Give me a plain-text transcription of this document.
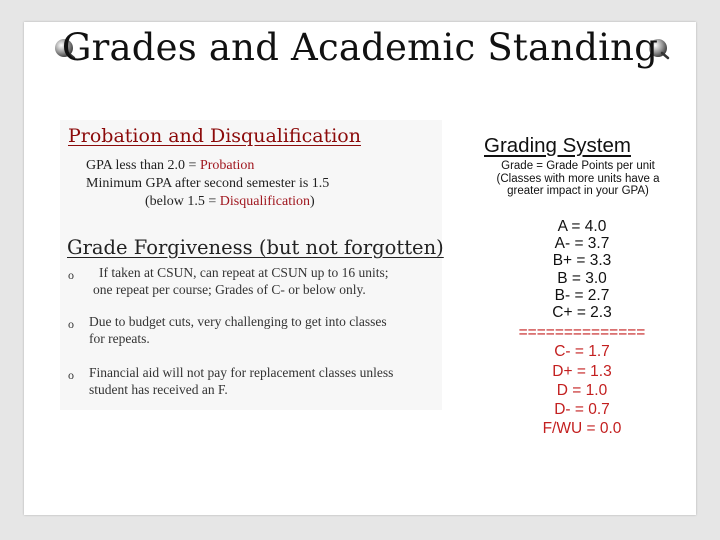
Grades and Academic Standing
Probation and Disqualification
GPA less than 2.0 = Probation
Minimum GPA after second semester is 1.5
(below 1.5 = Disqualification)
Grade Forgiveness (but not forgotten)
o	If taken at CSUN, can repeat at CSUN up to 16 units;
one repeat per course; Grades of C- or below only.
o Due to budget cuts, very challenging to get into classes
for repeats.
o Financial aid will not pay for replacement classes unless
student has received an F.
Grading System
Grade = Grade Points per unit
(Classes with more units have a
greater impact in your GPA)
A = 4.0
A- = 3.7
B+ = 3.3
B = 3.0
B- = 2.7
C+ = 2.3
==============
C- = 1.7
D+ = 1.3
D = 1.0
D- = 0.7
F/WU = 0.0
